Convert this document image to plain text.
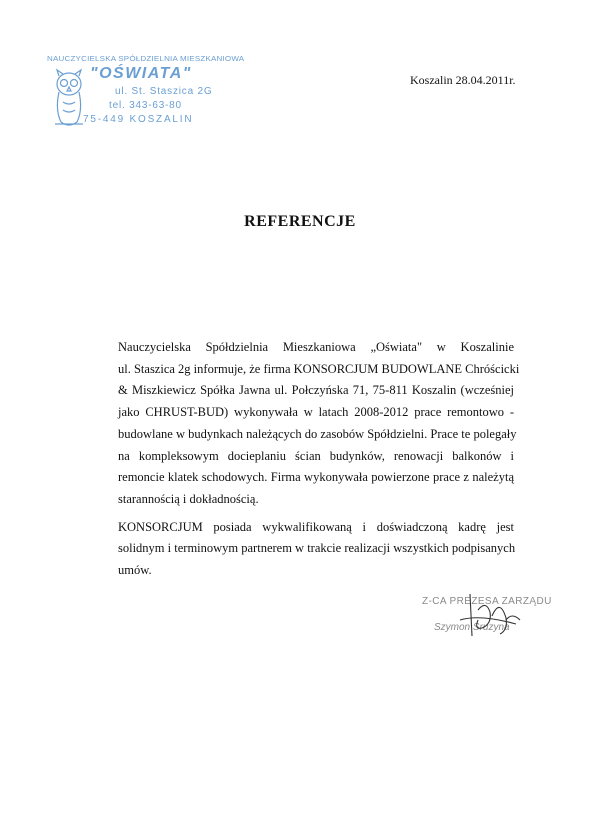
NAUCZYCIELSKA SPÓŁDZIELNIA MIESZKANIOWA
"OŚWIATA"
ul. St. Staszica 2G
tel. 343-63-80
75-449 KOSZALIN
Koszalin 28.04.2011r.
REFERENCJE
Nauczycielska Spółdzielnia Mieszkaniowa „Oświata" w Koszalinie
ul. Staszica 2g informuje, że firma KONSORCJUM BUDOWLANE Chróścicki
& Miszkiewicz Spółka Jawna ul. Połczyńska 71, 75-811 Koszalin (wcześniej
jako CHRUST-BUD) wykonywała w latach 2008-2012 prace remontowo -
budowlane w budynkach należących do zasobów Spółdzielni. Prace te polegały
na kompleksowym docieplaniu ścian budynków, renowacji balkonów i
remoncie klatek schodowych. Firma wykonywała powierzone prace z należytą
starannością i dokładnością.
KONSORCJUM posiada wykwalifikowaną i doświadczoną kadrę jest
solidnym i terminowym partnerem w trakcie realizacji wszystkich podpisanych
umów.
Z-CA PREZESA ZARZĄDU
Szymon Sruzyna
